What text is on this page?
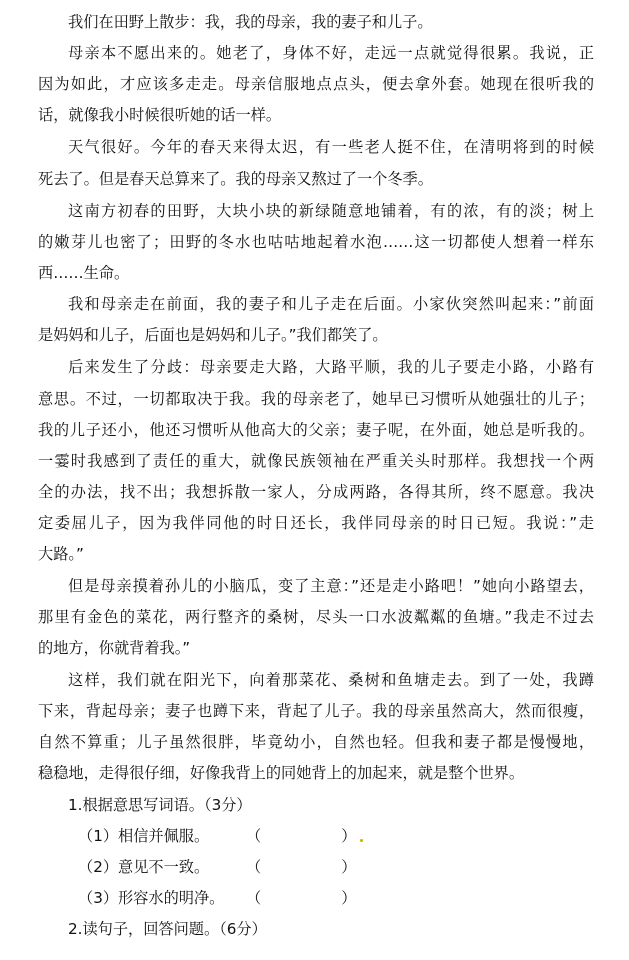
我们在田野上散步：我，我的母亲，我的妻子和儿子。
母亲本不愿出来的。她老了，身体不好，走远一点就觉得很累。我说，正
因为如此，才应该多走走。母亲信服地点点头，便去拿外套。她现在很听我的
话，就像我小时候很听她的话一样。
天气很好。今年的春天来得太迟，有一些老人挺不住，在清明将到的时候
死去了。但是春天总算来了。我的母亲又熬过了一个冬季。
这南方初春的田野，大块小块的新绿随意地铺着，有的浓，有的淡；树上
的嫩芽儿也密了；田野的冬水也咕咕地起着水泡……这一切都使人想着一样东
西……生命。
我和母亲走在前面，我的妻子和儿子走在后面。小家伙突然叫起来：”前面
是妈妈和儿子，后面也是妈妈和儿子。”我们都笑了。
后来发生了分歧：母亲要走大路，大路平顺，我的儿子要走小路，小路有
意思。不过，一切都取决于我。我的母亲老了，她早已习惯听从她强壮的儿子；
我的儿子还小，他还习惯听从他高大的父亲；妻子呢，在外面，她总是听我的。
一霎时我感到了责任的重大，就像民族领袖在严重关头时那样。我想找一个两
全的办法，找不出；我想拆散一家人，分成两路，各得其所，终不愿意。我决
定委屈儿子，因为我伴同他的时日还长，我伴同母亲的时日已短。我说：”走
大路。”
但是母亲摸着孙儿的小脑瓜，变了主意：”还是走小路吧！”她向小路望去，
那里有金色的菜花，两行整齐的桑树，尽头一口水波粼粼的鱼塘。”我走不过去
的地方，你就背着我。”
这样，我们就在阳光下，向着那菜花、桑树和鱼塘走去。到了一处，我蹲
下来，背起母亲；妻子也蹲下来，背起了儿子。我的母亲虽然高大，然而很瘦，
自然不算重；儿子虽然很胖，毕竟幼小，自然也轻。但我和妻子都是慢慢地，
稳稳地，走得很仔细，好像我背上的同她背上的加起来，就是整个世界。
1.根据意思写词语。（3分）
（1）相信并佩服。 （	）
（2）意见不一致。 （	）
（3）形容水的明净。 （	）
2.读句子，回答问题。（6分）
